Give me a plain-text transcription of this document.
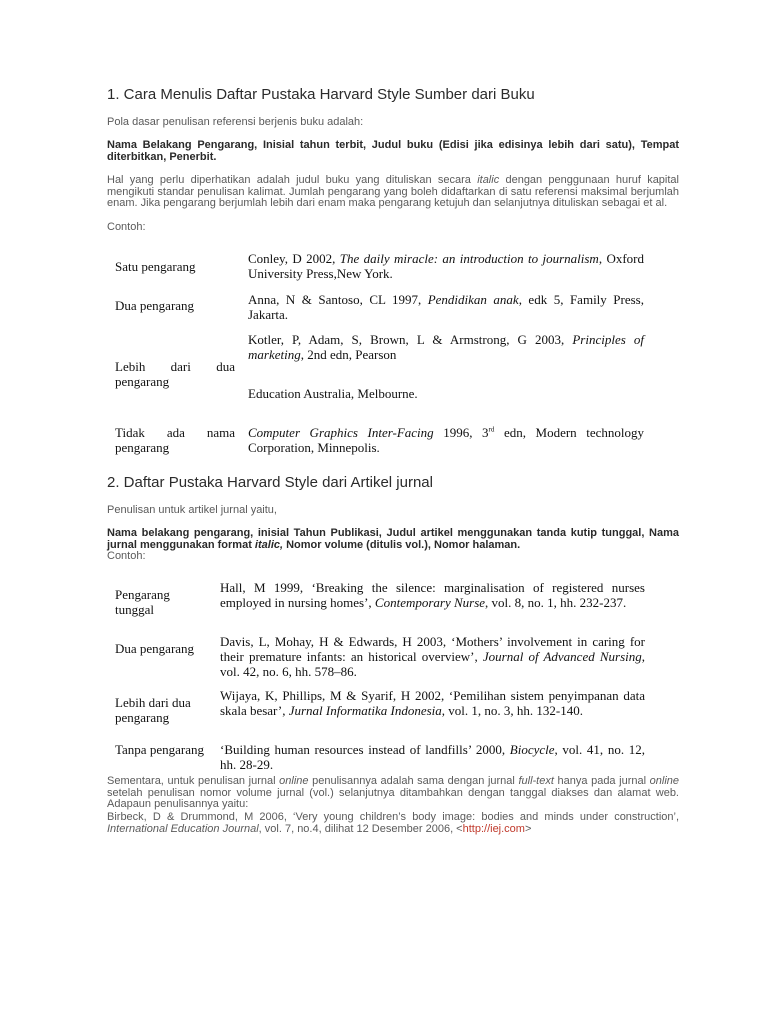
1. Cara Menulis Daftar Pustaka Harvard Style Sumber dari Buku

Pola dasar penulisan referensi berjenis buku adalah:

Nama Belakang Pengarang, Inisial tahun terbit, Judul buku (Edisi jika edisinya lebih dari satu), Tempat diterbitkan, Penerbit.

Hal yang perlu diperhatikan adalah judul buku yang dituliskan secara italic dengan penggunaan huruf kapital mengikuti standar penulisan kalimat. Jumlah pengarang yang boleh didaftarkan di satu referensi maksimal berjumlah enam. Jika pengarang berjumlah lebih dari enam maka pengarang ketujuh dan selanjutnya dituliskan sebagai et al.

Contoh:

Satu pengarang
Conley, D 2002, The daily miracle: an introduction to journalism, Oxford University Press,New York.
Dua pengarang	Anna, N & Santoso, CL 1997, Pendidikan anak, edk 5, Family Press, Jakarta.
Lebih dari dua pengarang
Kotler, P, Adam, S, Brown, L & Armstrong, G 2003, Principles of marketing, 2nd edn, Pearson
Education Australia, Melbourne.
Tidak ada nama pengarang
Computer Graphics Inter-Facing 1996, 3rd edn, Modern technology Corporation, Minnepolis.
2. Daftar Pustaka Harvard Style dari Artikel jurnal

Penulisan untuk artikel jurnal yaitu,

Nama belakang pengarang, inisial Tahun Publikasi, Judul artikel menggunakan tanda kutip tunggal, Nama jurnal menggunakan format italic, Nomor volume (ditulis vol.), Nomor halaman.

Contoh:

Pengarang tunggal
Hall, M 1999, ‘Breaking the silence: marginalisation of registered nurses employed in nursing homes’, Contemporary Nurse, vol. 8, no. 1, hh. 232-237.
Dua pengarang	Davis, L, Mohay, H & Edwards, H 2003, ‘Mothers’ involvement in caring for their premature infants: an historical overview’, Journal of Advanced Nursing, vol. 42, no. 6, hh. 578–86.
Lebih dari dua pengarang
Wijaya, K, Phillips, M & Syarif, H 2002, ‘Pemilihan sistem penyimpanan data skala besar’, Jurnal Informatika Indonesia, vol. 1, no. 3, hh. 132-140.
Tanpa pengarang ‘Building human resources instead of landfills’ 2000, Biocycle, vol. 41, no. 12, hh. 28-29.

Sementara, untuk penulisan jurnal online penulisannya adalah sama dengan jurnal full-text hanya pada jurnal online setelah penulisan nomor volume jurnal (vol.) selanjutnya ditambahkan dengan tanggal diakses dan alamat web. Adapaun penulisannya yaitu:

Birbeck, D & Drummond, M 2006, ‘Very young children’s body image: bodies and minds under construction’, International Education Journal, vol. 7, no.4, dilihat 12 Desember 2006, <http://iej.com>
